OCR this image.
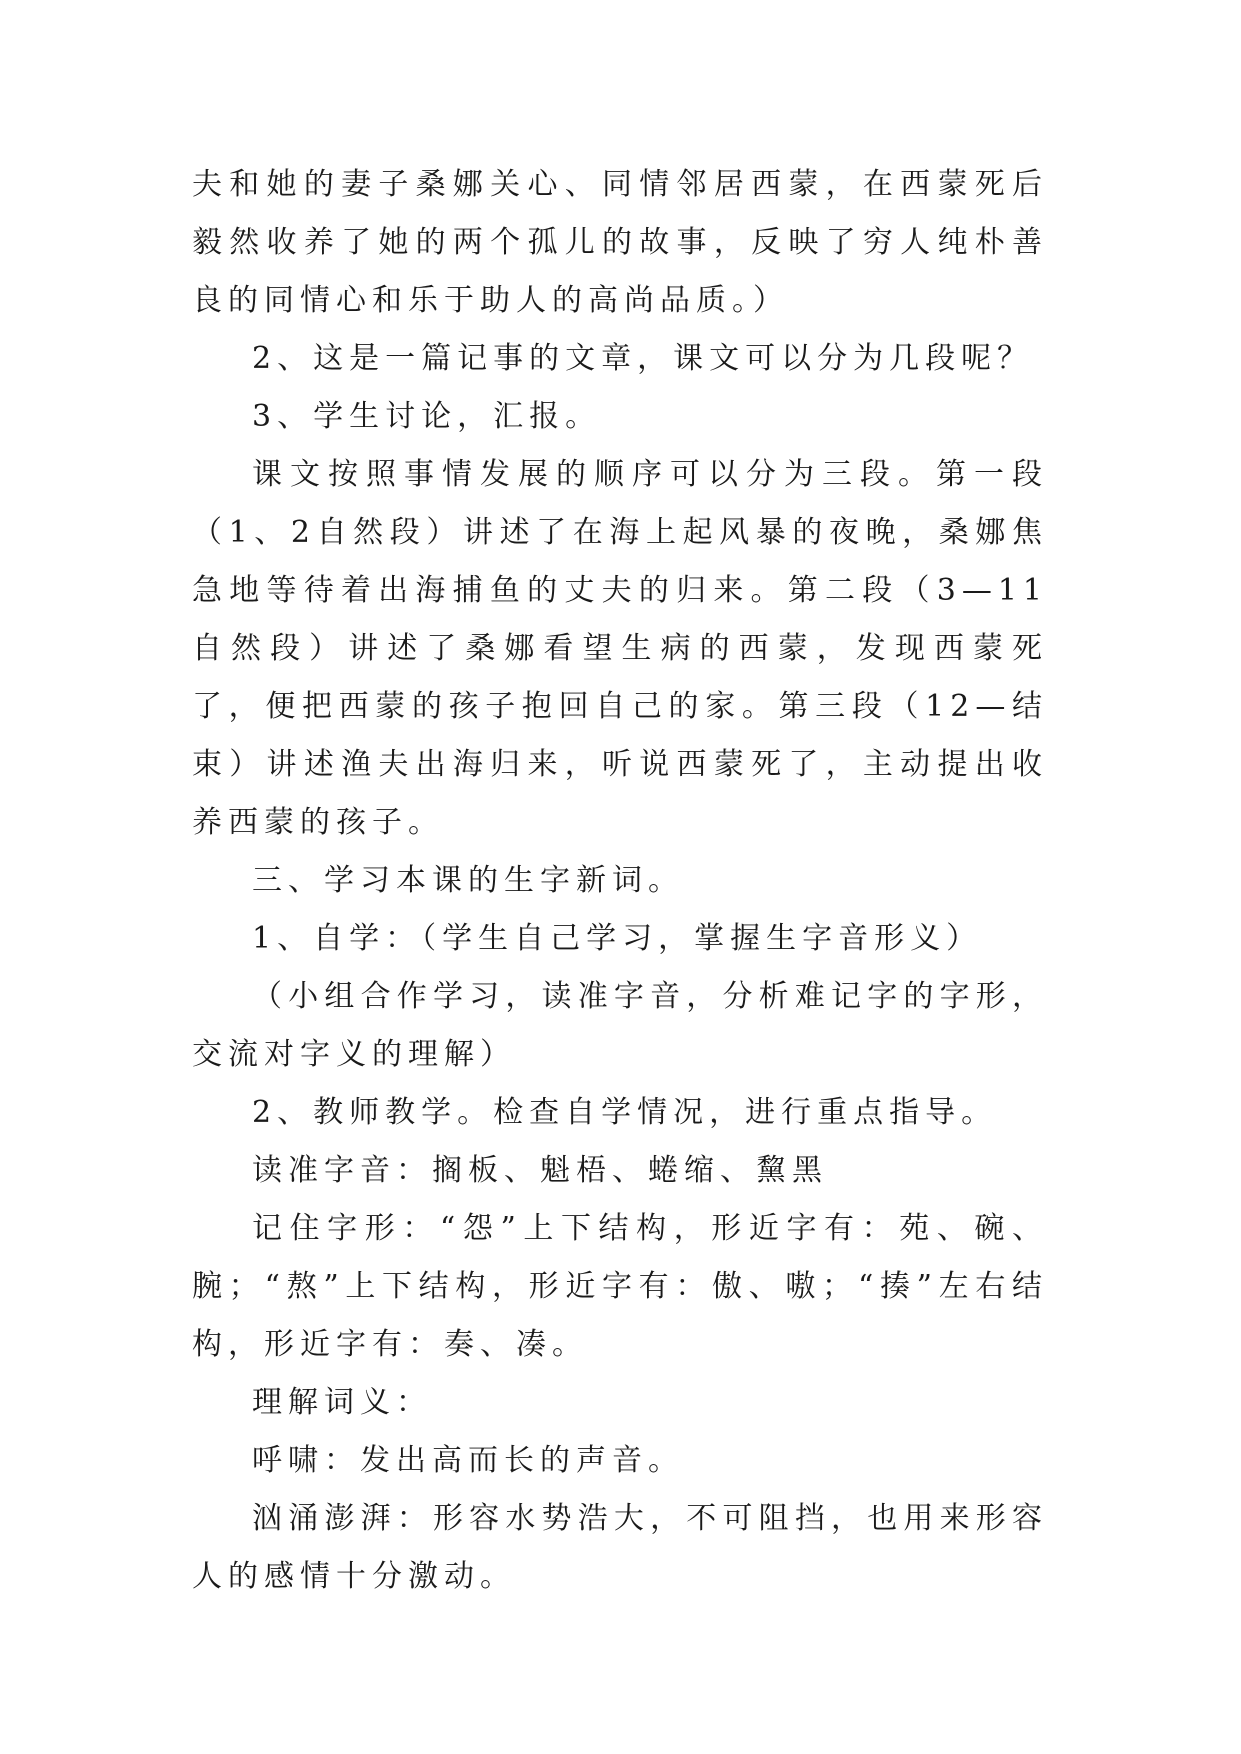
夫和她的妻子桑娜关心、同情邻居西蒙，在西蒙死后毅然收养了她的两个孤儿的故事，反映了穷人纯朴善良的同情心和乐于助人的高尚品质。）

2、这是一篇记事的文章，课文可以分为几段呢？

3、学生讨论，汇报。

课文按照事情发展的顺序可以分为三段。第一段（1、2自然段）讲述了在海上起风暴的夜晚，桑娜焦急地等待着出海捕鱼的丈夫的归来。第二段（3—11自然段）讲述了桑娜看望生病的西蒙，发现西蒙死了，便把西蒙的孩子抱回自己的家。第三段（12—结束）讲述渔夫出海归来，听说西蒙死了，主动提出收养西蒙的孩子。

三、学习本课的生字新词。

1、自学：（学生自己学习，掌握生字音形义）

（小组合作学习，读准字音，分析难记字的字形，交流对字义的理解）

2、教师教学。检查自学情况，进行重点指导。

读准字音：搁板、魁梧、蜷缩、黧黑

记住字形：“怨”上下结构，形近字有：苑、碗、腕；“熬”上下结构，形近字有：傲、嗷；“揍”左右结构，形近字有：奏、凑。

理解词义：

呼啸：发出高而长的声音。

汹涌澎湃：形容水势浩大，不可阻挡，也用来形容人的感情十分激动。
